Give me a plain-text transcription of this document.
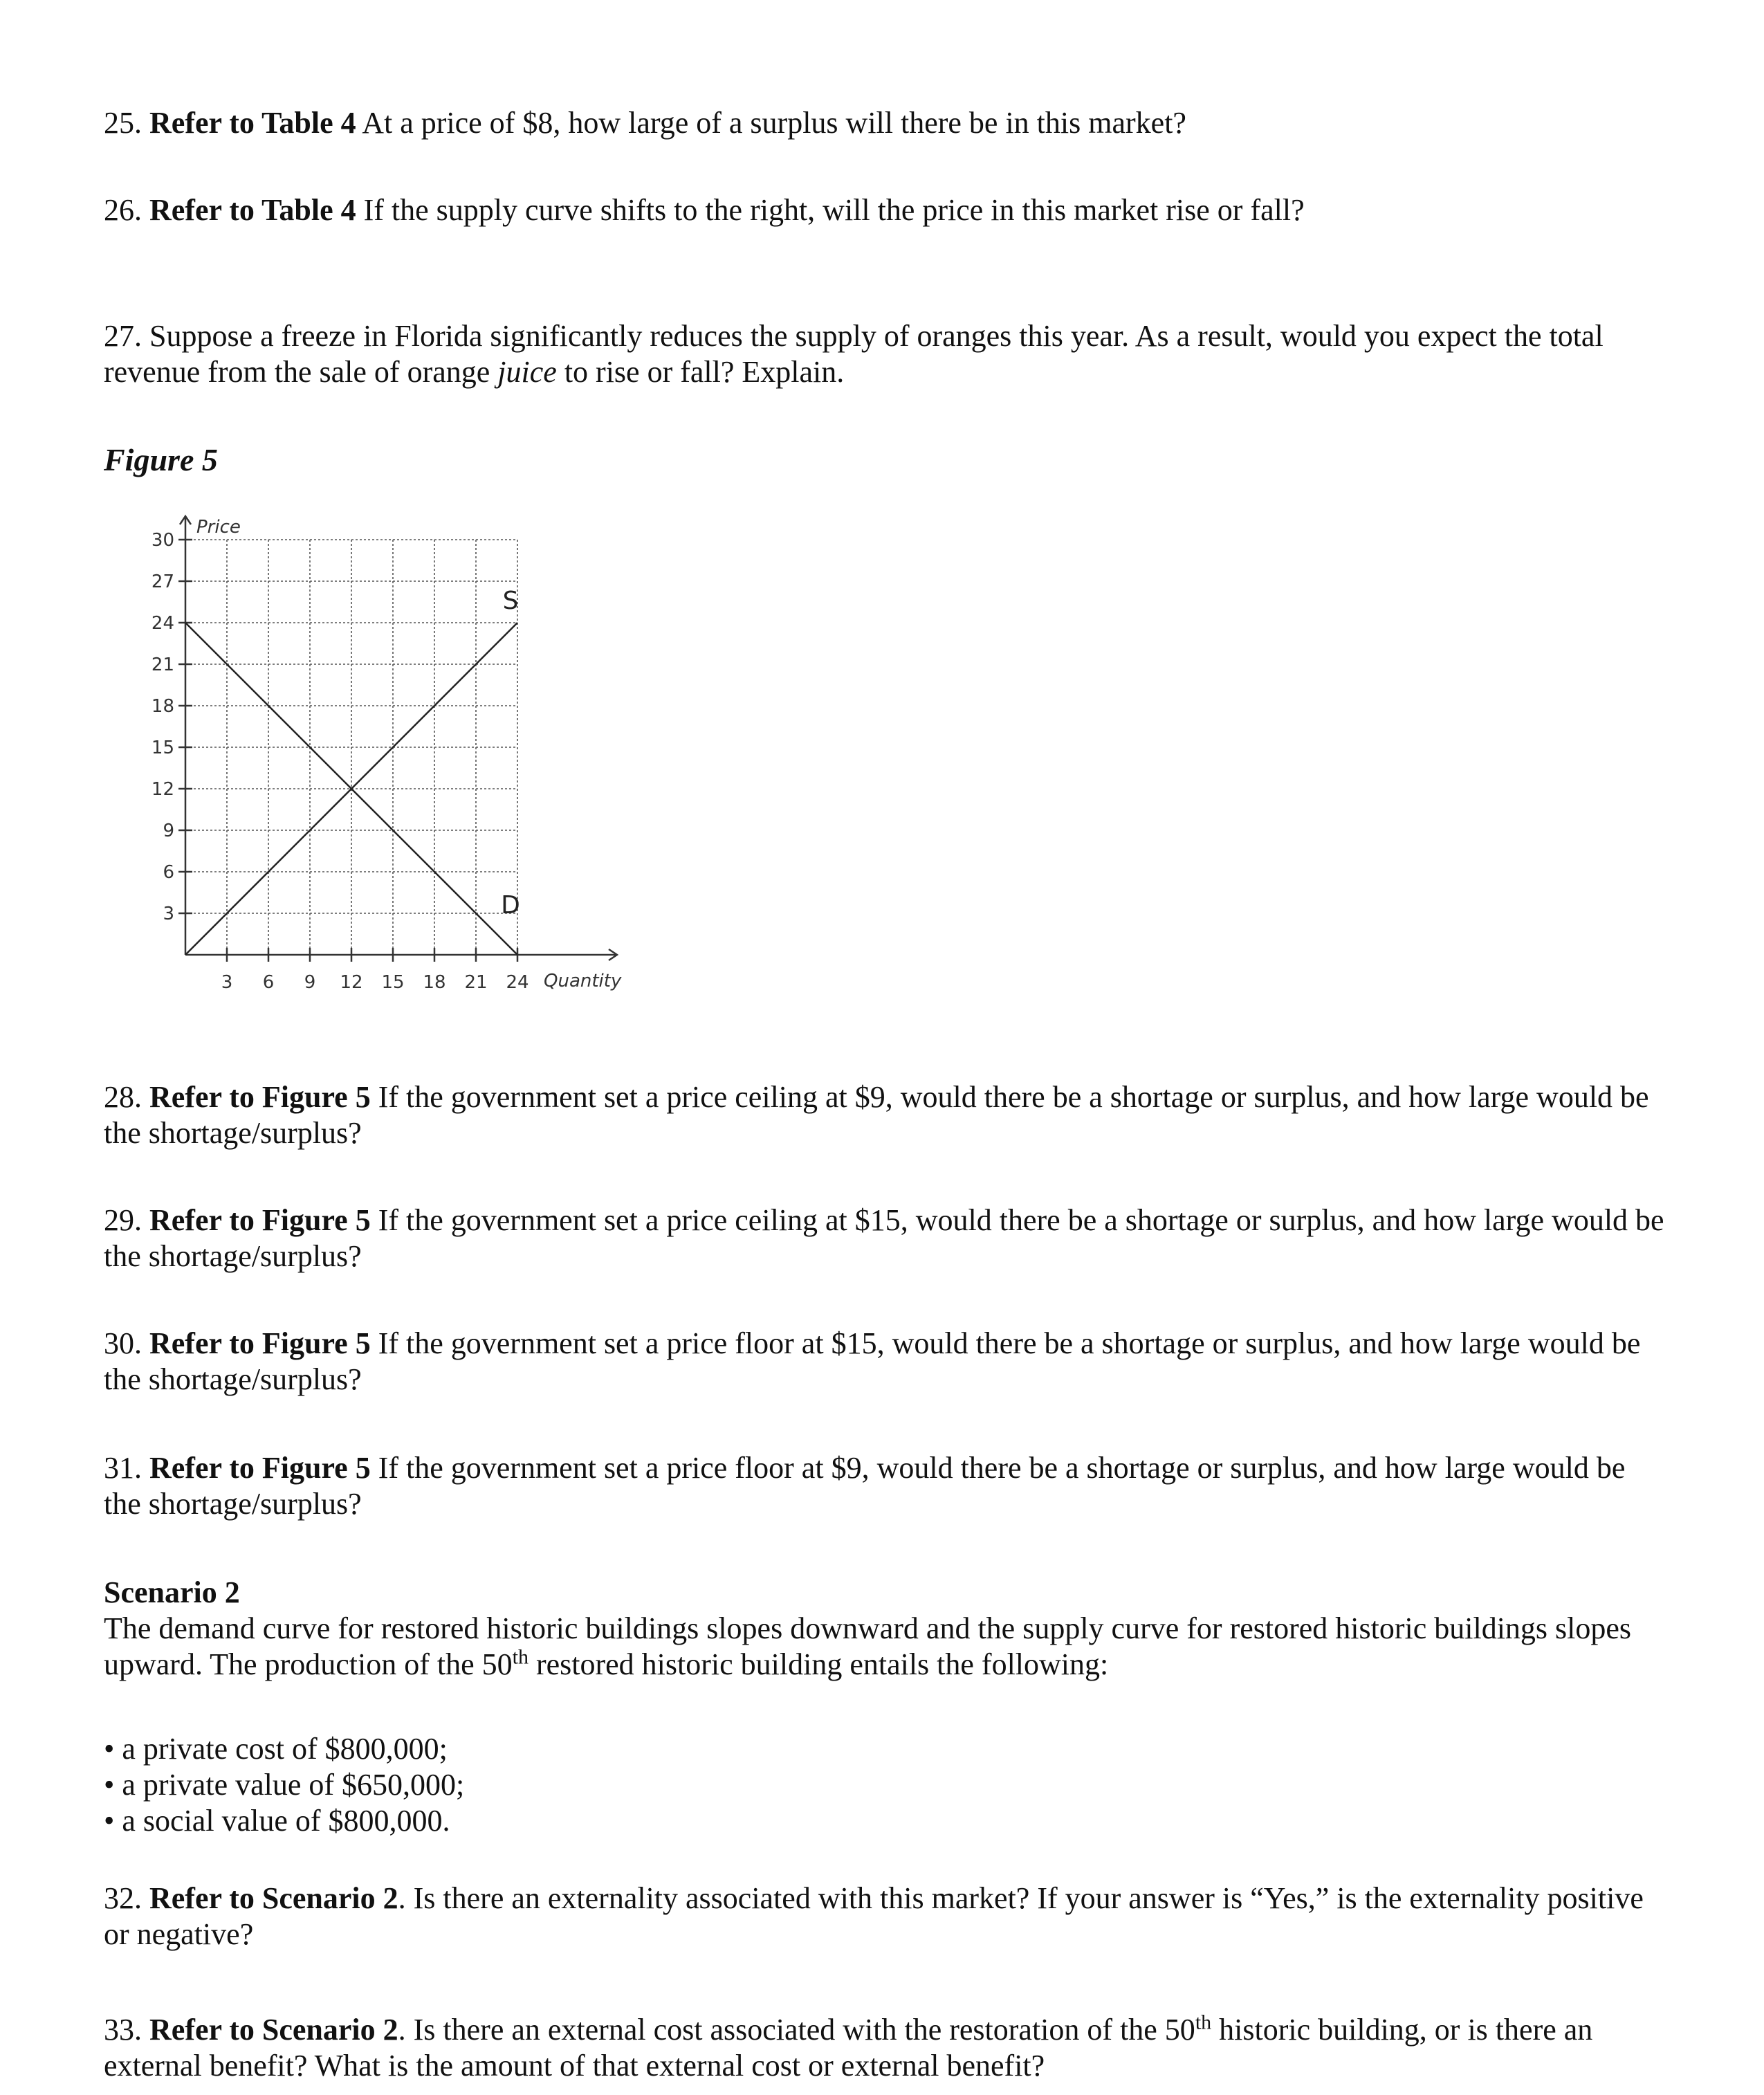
25. Refer to Table 4 At a price of $8, how large of a surplus will there be in this market?
26. Refer to Table 4 If the supply curve shifts to the right, will the price in this market rise or fall?
27. Suppose a freeze in Florida significantly reduces the supply of oranges this year. As a result, would you expect the total revenue from the sale of orange juice to rise or fall? Explain.
Figure 5
Price
Quantity
3 6 9 12 15 18 21 24
3
6
9
12
15
18
21
24
27
30
S
D
28. Refer to Figure 5 If the government set a price ceiling at $9, would there be a shortage or surplus, and how large would be the shortage/surplus?
29. Refer to Figure 5 If the government set a price ceiling at $15, would there be a shortage or surplus, and how large would be the shortage/surplus?
30. Refer to Figure 5 If the government set a price floor at $15, would there be a shortage or surplus, and how large would be the shortage/surplus?
31. Refer to Figure 5 If the government set a price floor at $9, would there be a shortage or surplus, and how large would be the shortage/surplus?
Scenario 2
The demand curve for restored historic buildings slopes downward and the supply curve for restored historic buildings slopes upward. The production of the 50th restored historic building entails the following:
• a private cost of $800,000;
• a private value of $650,000;
• a social value of $800,000.
32. Refer to Scenario 2. Is there an externality associated with this market? If your answer is “Yes,” is the externality positive or negative?
33. Refer to Scenario 2. Is there an external cost associated with the restoration of the 50th historic building, or is there an external benefit? What is the amount of that external cost or external benefit?
